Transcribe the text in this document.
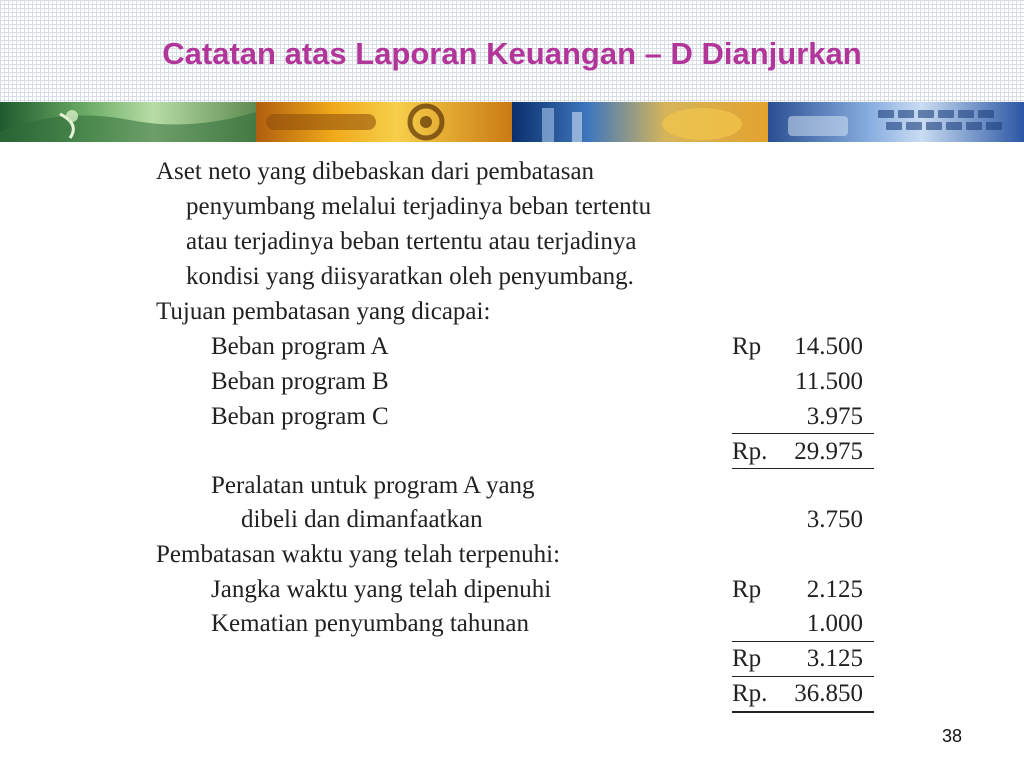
Catatan atas Laporan Keuangan – D Dianjurkan
Aset neto yang dibebaskan dari pembatasan
penyumbang melalui terjadinya beban tertentu
atau terjadinya beban tertentu atau terjadinya
kondisi yang diisyaratkan oleh penyumbang.
Tujuan pembatasan yang dicapai:
Beban program A	Rp 14.500
Beban program B	11.500
Beban program C	3.975
Rp. 29.975
Peralatan untuk program A yang
dibeli dan dimanfaatkan	3.750
Pembatasan waktu yang telah terpenuhi:
Jangka waktu yang telah dipenuhi	Rp 2.125
Kematian penyumbang tahunan	1.000
Rp 3.125
Rp. 36.850
38
